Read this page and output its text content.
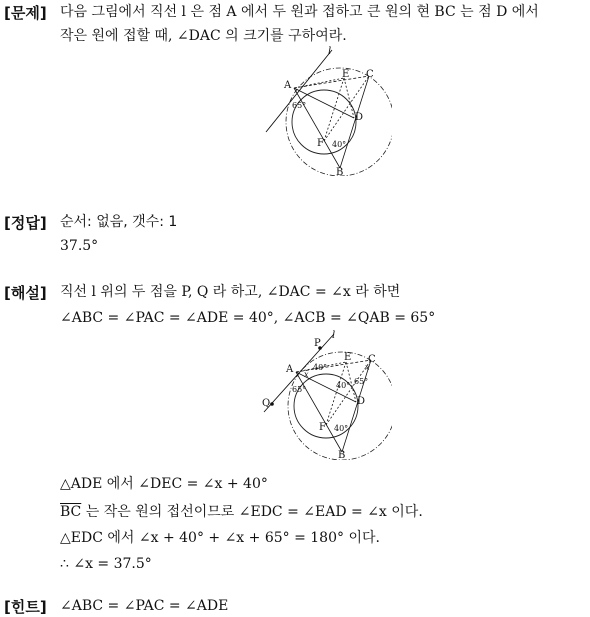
[문제] 다음 그림에서 직선 l 은 점 A 에서 두 원과 접하고 큰 원의 현 BC 는 점 D 에서
작은 원에 접할 때, ∠DAC 의 크기를 구하여라.
l
A
E C
D
F
B
65°
40°
[정답] 순서: 없음, 갯수: 1
37.5°
[해설] 직선 l 위의 두 점을 P, Q 라 하고, ∠DAC = ∠x 라 하면
∠ABC = ∠PAC = ∠ADE = 40°, ∠ACB = ∠QAB = 65°
l
P
Q
A
E C
D
F
B
40°
x
65°	40° 65°
x
40°
△ADE 에서 ∠DEC = ∠x + 40°
$\overline{BC}$ 는 작은 원의 접선이므로 ∠EDC = ∠EAD = ∠x 이다.
△EDC 에서 ∠x + 40° + ∠x + 65° = 180° 이다.
∴ ∠x = 37.5°
[힌트] ∠ABC = ∠PAC = ∠ADE
